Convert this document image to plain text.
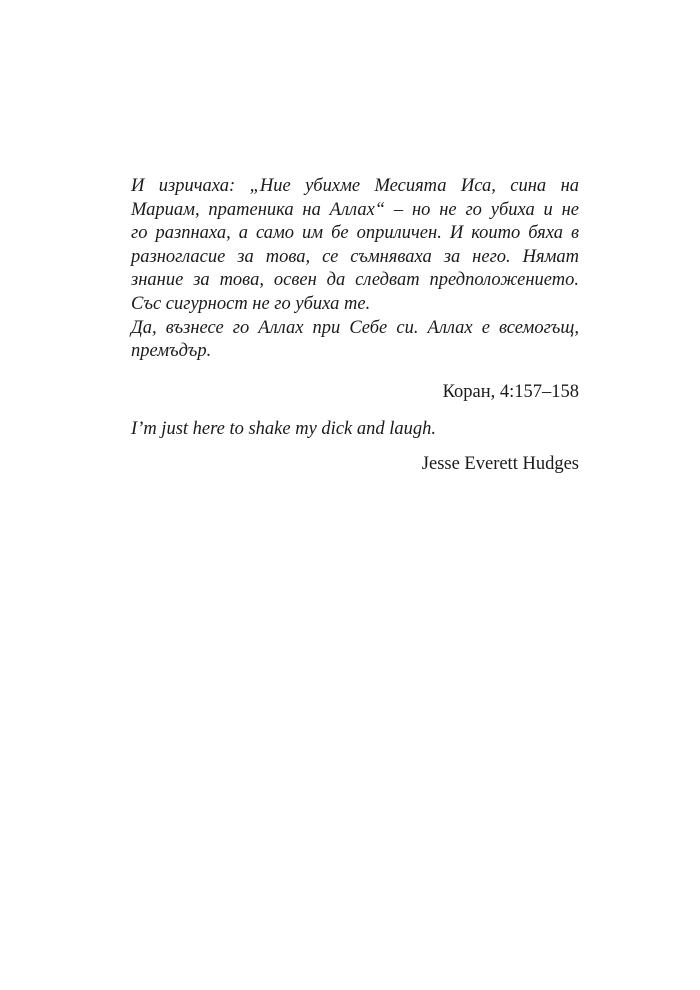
И изричаха: „Ние убихме Месията Иса, сина на
Мариам, пратеника на Аллах“ – но не го убиха и не
го разпнаха, а само им бе оприличен. И които бяха в
разногласие за това, се съмняваха за него. Нямат
знание за това, освен да следват предположението.
Със сигурност не го убиха те.

Да, възнесе го Аллах при Себе си. Аллах е всемогъщ,
премъдър.

Коран, 4:157–158

I’m just here to shake my dick and laugh.

Jesse Everett Hudges
